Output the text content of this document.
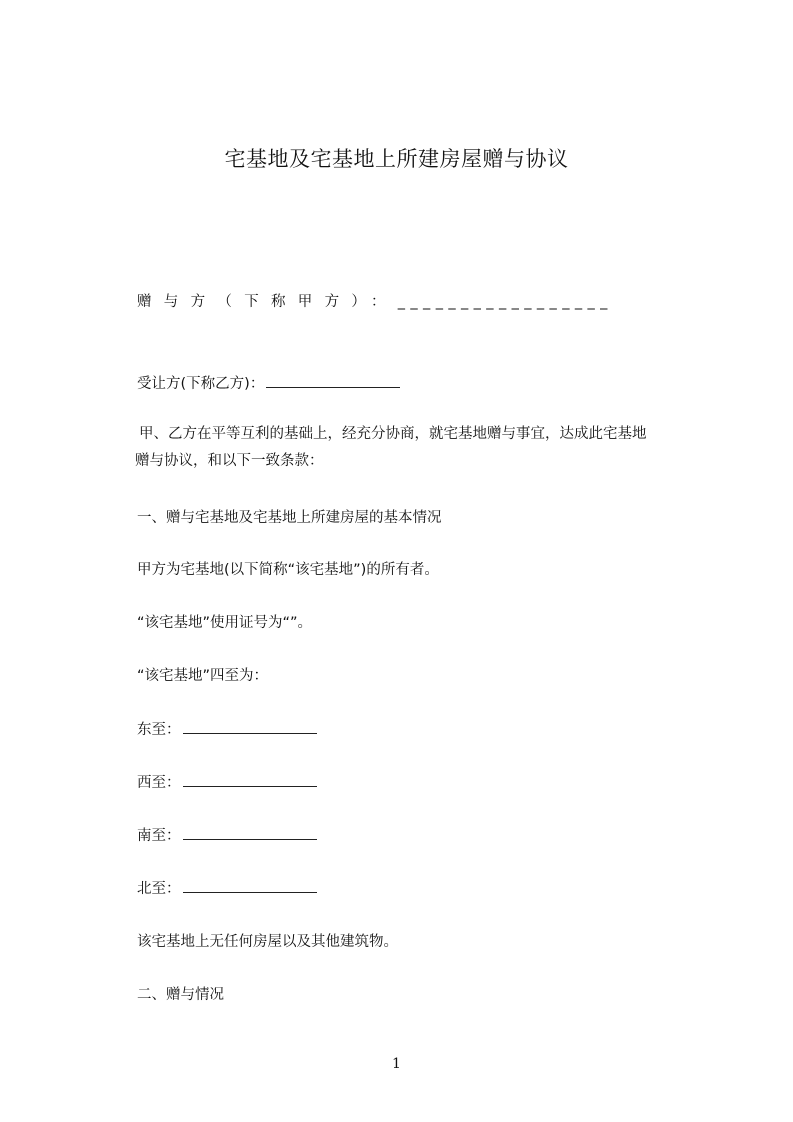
宅基地及宅基地上所建房屋赠与协议
赠与方（下称甲方）：_________________
受让方(下称乙方)：
甲、乙方在平等互利的基础上，经充分协商，就宅基地赠与事宜，达成此宅基地
赠与协议，和以下一致条款：
一、赠与宅基地及宅基地上所建房屋的基本情况
甲方为宅基地(以下简称“该宅基地”)的所有者。
“该宅基地”使用证号为“”。
“该宅基地”四至为：
东至：
西至：
南至：
北至：
该宅基地上无任何房屋以及其他建筑物。
二、赠与情况
1
